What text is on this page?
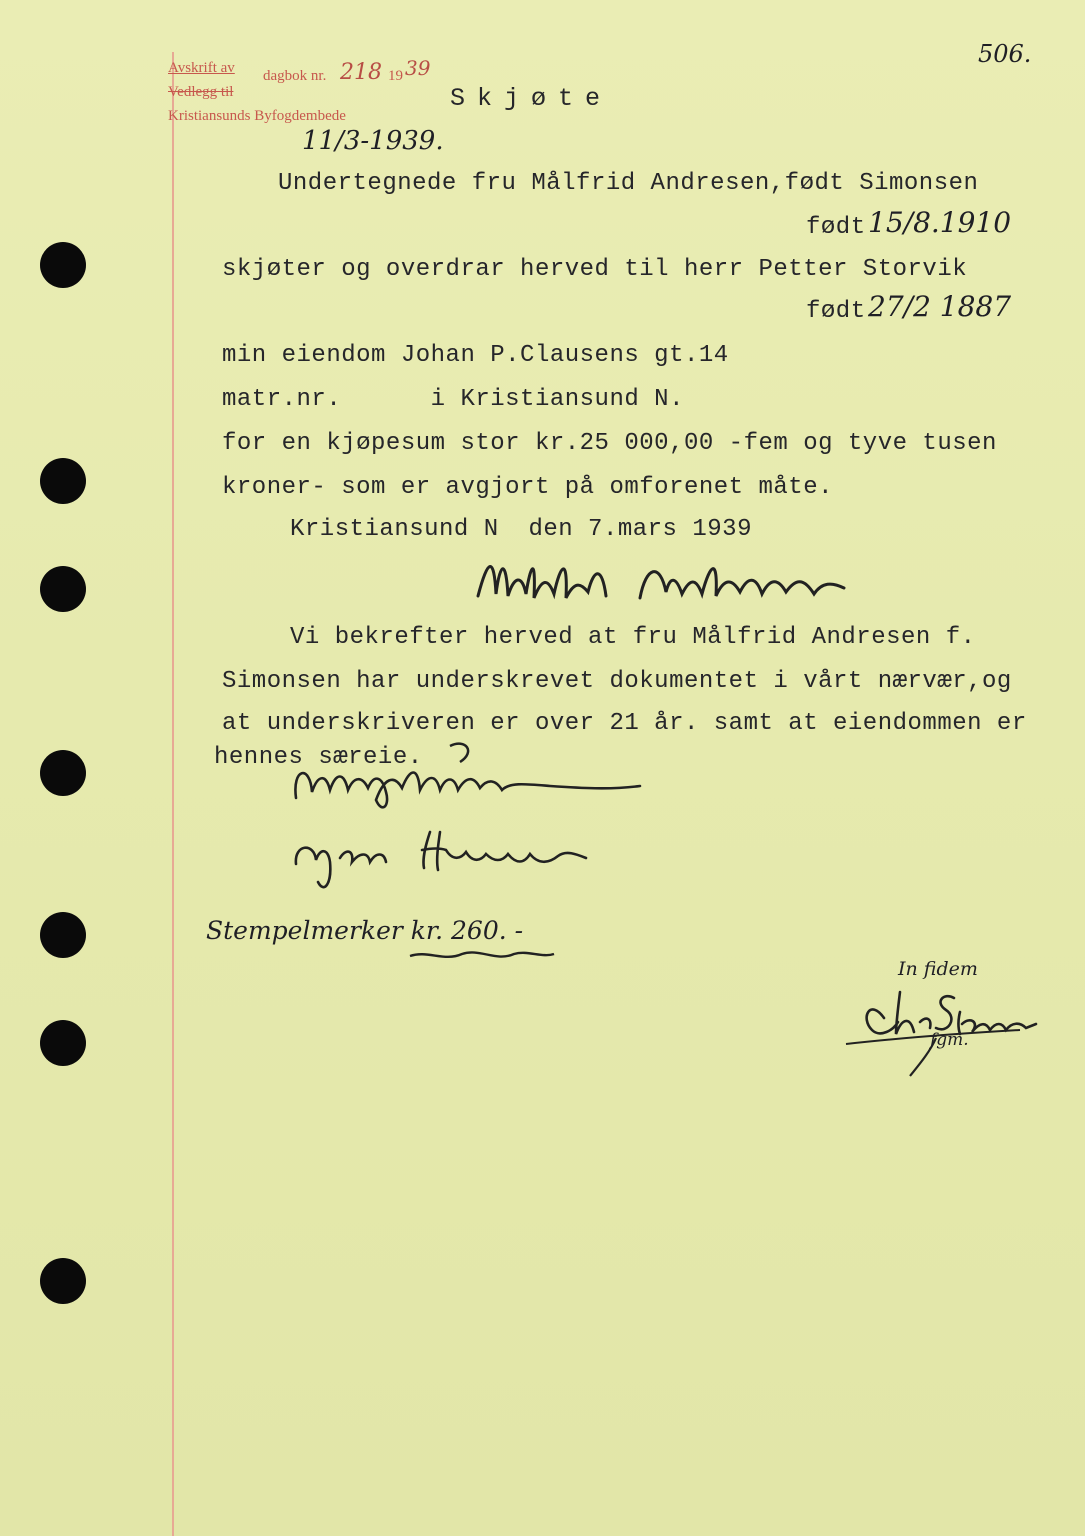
Avskrift av dagbok nr. 218 19 39
Vedlegg til
Kristiansunds Byfogdembede
11/3-1939.
506.
Skjøte
Undertegnede fru Målfrid Andresen,født Simonsen
født 15/8.1910
skjøter og overdrar herved til herr Petter Storvik
født 27/2 1887
min eiendom Johan P.Clausens gt.14
matr.nr.      i Kristiansund N.
for en kjøpesum stor kr.25 000,00 -fem og tyve tusen
kroner- som er avgjort på omforenet måte.
Kristiansund N  den 7.mars 1939
Vi bekrefter herved at fru Målfrid Andresen f.
Simonsen har underskrevet dokumentet i vårt nærvær,og
at underskriveren er over 21 år. samt at eiendommen er
hennes særeie.
Stempelmerker kr. 260. -
In fidem
fgm.
